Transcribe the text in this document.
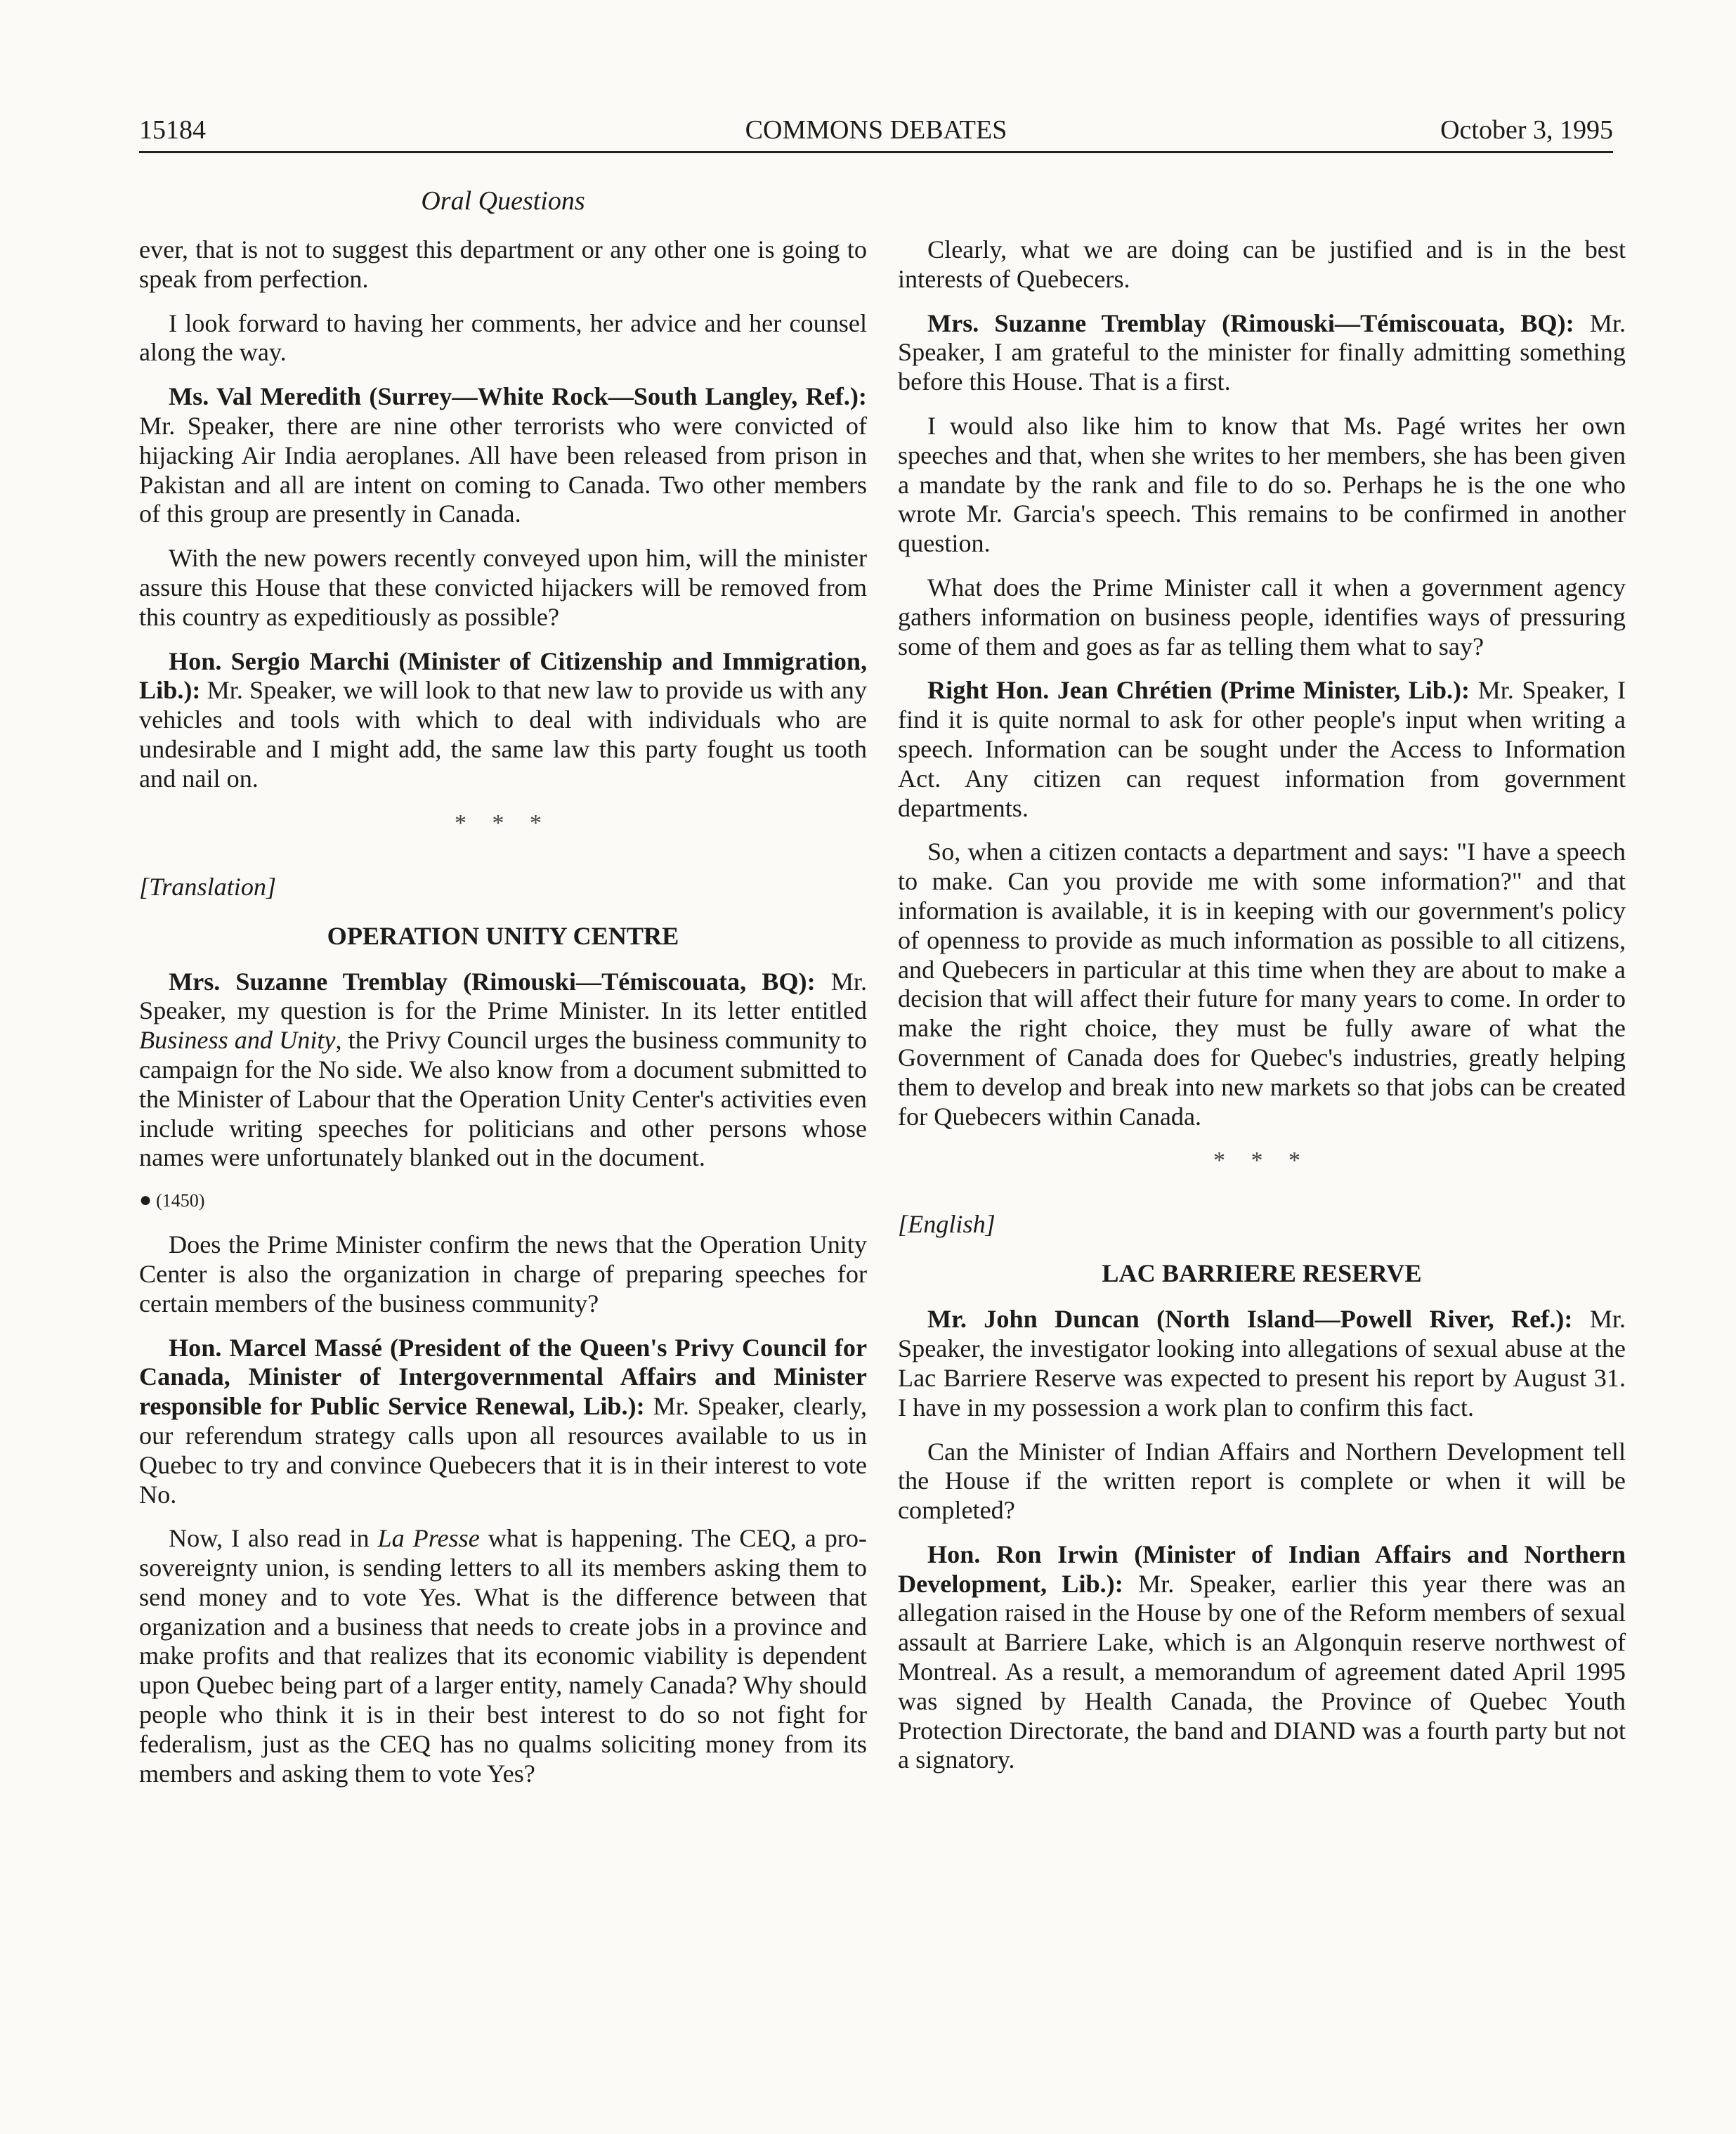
15184	COMMONS DEBATES	October 3, 1995
Oral Questions

ever, that is not to suggest this department or any other one is going to speak from perfection.

I look forward to having her comments, her advice and her counsel along the way.

Ms. Val Meredith (Surrey—White Rock—South Langley, Ref.): Mr. Speaker, there are nine other terrorists who were convicted of hijacking Air India aeroplanes. All have been released from prison in Pakistan and all are intent on coming to Canada. Two other members of this group are presently in Canada.

With the new powers recently conveyed upon him, will the minister assure this House that these convicted hijackers will be removed from this country as expeditiously as possible?

Hon. Sergio Marchi (Minister of Citizenship and Immigration, Lib.): Mr. Speaker, we will look to that new law to provide us with any vehicles and tools with which to deal with individuals who are undesirable and I might add, the same law this party fought us tooth and nail on.

* * *
[Translation]
OPERATION UNITY CENTRE

Mrs. Suzanne Tremblay (Rimouski—Témiscouata, BQ): Mr. Speaker, my question is for the Prime Minister. In its letter entitled Business and Unity, the Privy Council urges the business community to campaign for the No side. We also know from a document submitted to the Minister of Labour that the Operation Unity Center's activities even include writing speeches for politicians and other persons whose names were unfortunately blanked out in the document.

● (1450)

Does the Prime Minister confirm the news that the Operation Unity Center is also the organization in charge of preparing speeches for certain members of the business community?

Hon. Marcel Massé (President of the Queen's Privy Council for Canada, Minister of Intergovernmental Affairs and Minister responsible for Public Service Renewal, Lib.): Mr. Speaker, clearly, our referendum strategy calls upon all resources available to us in Quebec to try and convince Quebecers that it is in their interest to vote No.

Now, I also read in La Presse what is happening. The CEQ, a pro-sovereignty union, is sending letters to all its members asking them to send money and to vote Yes. What is the difference between that organization and a business that needs to create jobs in a province and make profits and that realizes that its economic viability is dependent upon Quebec being part of a larger entity, namely Canada? Why should people who think it is in their best interest to do so not fight for federalism, just as the CEQ has no qualms soliciting money from its members and asking them to vote Yes?

Clearly, what we are doing can be justified and is in the best interests of Quebecers.

Mrs. Suzanne Tremblay (Rimouski—Témiscouata, BQ): Mr. Speaker, I am grateful to the minister for finally admitting something before this House. That is a first.

I would also like him to know that Ms. Pagé writes her own speeches and that, when she writes to her members, she has been given a mandate by the rank and file to do so. Perhaps he is the one who wrote Mr. Garcia's speech. This remains to be confirmed in another question.

What does the Prime Minister call it when a government agency gathers information on business people, identifies ways of pressuring some of them and goes as far as telling them what to say?

Right Hon. Jean Chrétien (Prime Minister, Lib.): Mr. Speaker, I find it is quite normal to ask for other people's input when writing a speech. Information can be sought under the Access to Information Act. Any citizen can request information from government departments.

So, when a citizen contacts a department and says: "I have a speech to make. Can you provide me with some information?" and that information is available, it is in keeping with our government's policy of openness to provide as much information as possible to all citizens, and Quebecers in particular at this time when they are about to make a decision that will affect their future for many years to come. In order to make the right choice, they must be fully aware of what the Government of Canada does for Quebec's industries, greatly helping them to develop and break into new markets so that jobs can be created for Quebecers within Canada.

* * *
[English]
LAC BARRIERE RESERVE

Mr. John Duncan (North Island—Powell River, Ref.): Mr. Speaker, the investigator looking into allegations of sexual abuse at the Lac Barriere Reserve was expected to present his report by August 31. I have in my possession a work plan to confirm this fact.

Can the Minister of Indian Affairs and Northern Development tell the House if the written report is complete or when it will be completed?

Hon. Ron Irwin (Minister of Indian Affairs and Northern Development, Lib.): Mr. Speaker, earlier this year there was an allegation raised in the House by one of the Reform members of sexual assault at Barriere Lake, which is an Algonquin reserve northwest of Montreal. As a result, a memorandum of agreement dated April 1995 was signed by Health Canada, the Province of Quebec Youth Protection Directorate, the band and DIAND was a fourth party but not a signatory.
